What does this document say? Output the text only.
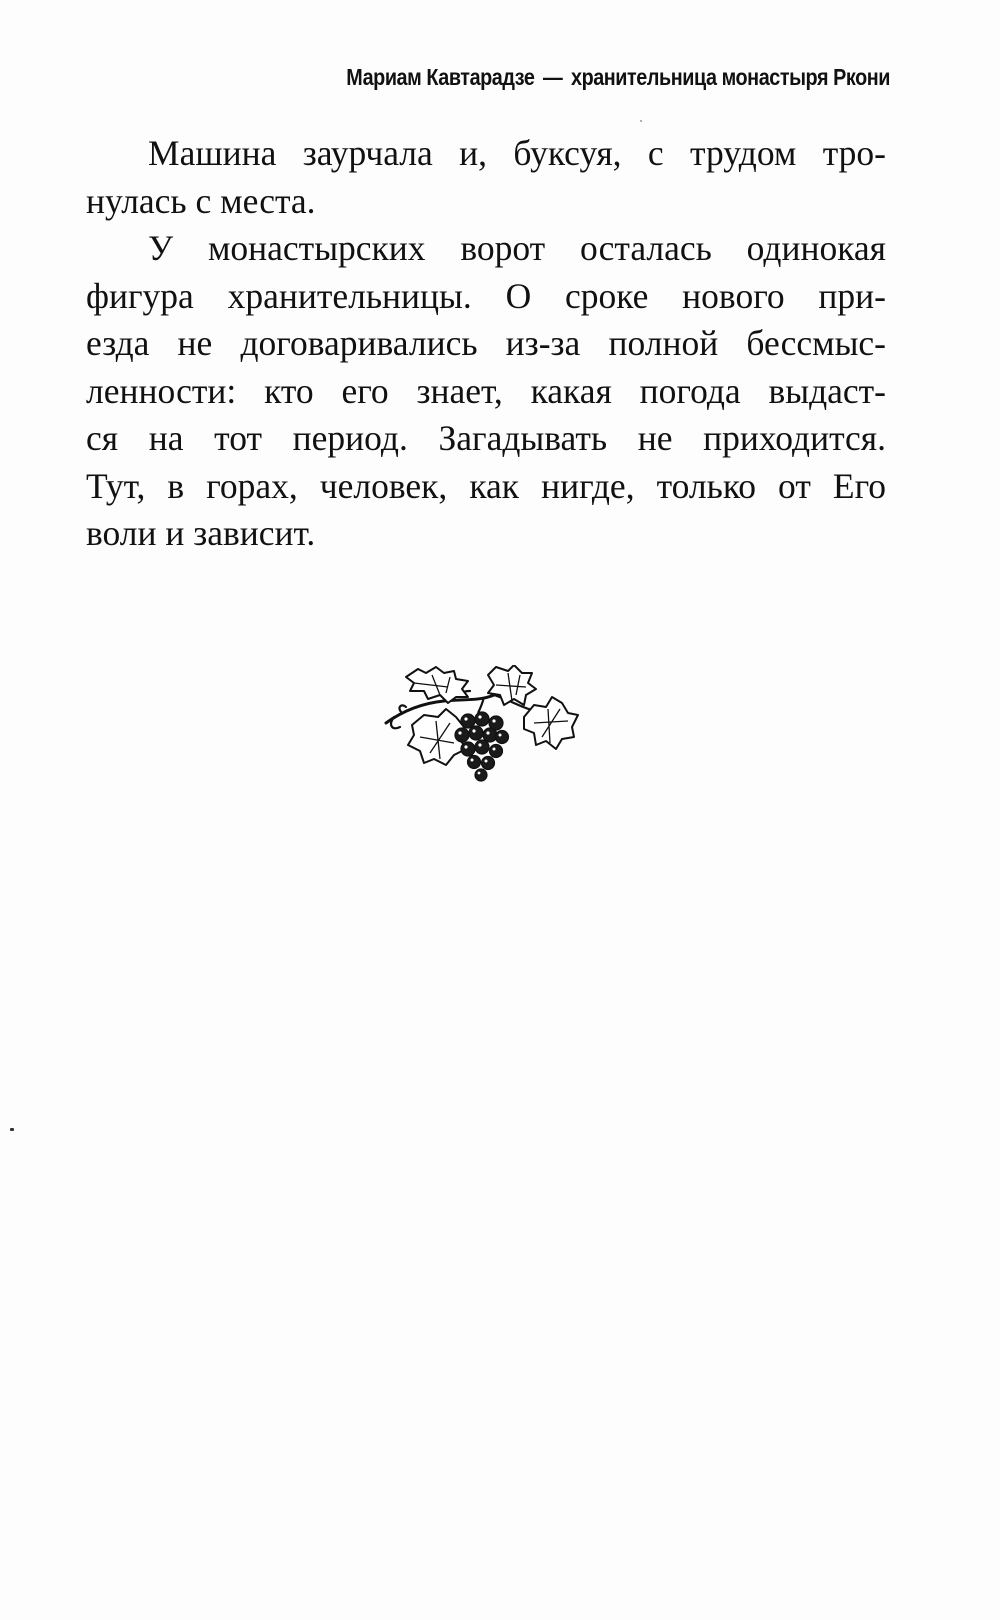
Мариам Кавтарадзе — хранительница монастыря Ркони
Машина заурчала и, буксуя, с трудом тро-
нулась с места.
У монастырских ворот осталась одинокая
фигура хранительницы. О сроке нового при-
езда не договаривались из-за полной бессмыс-
ленности: кто его знает, какая погода выдаст-
ся на тот период. Загадывать не приходится.
Тут, в горах, человек, как нигде, только от Его
воли и зависит.
